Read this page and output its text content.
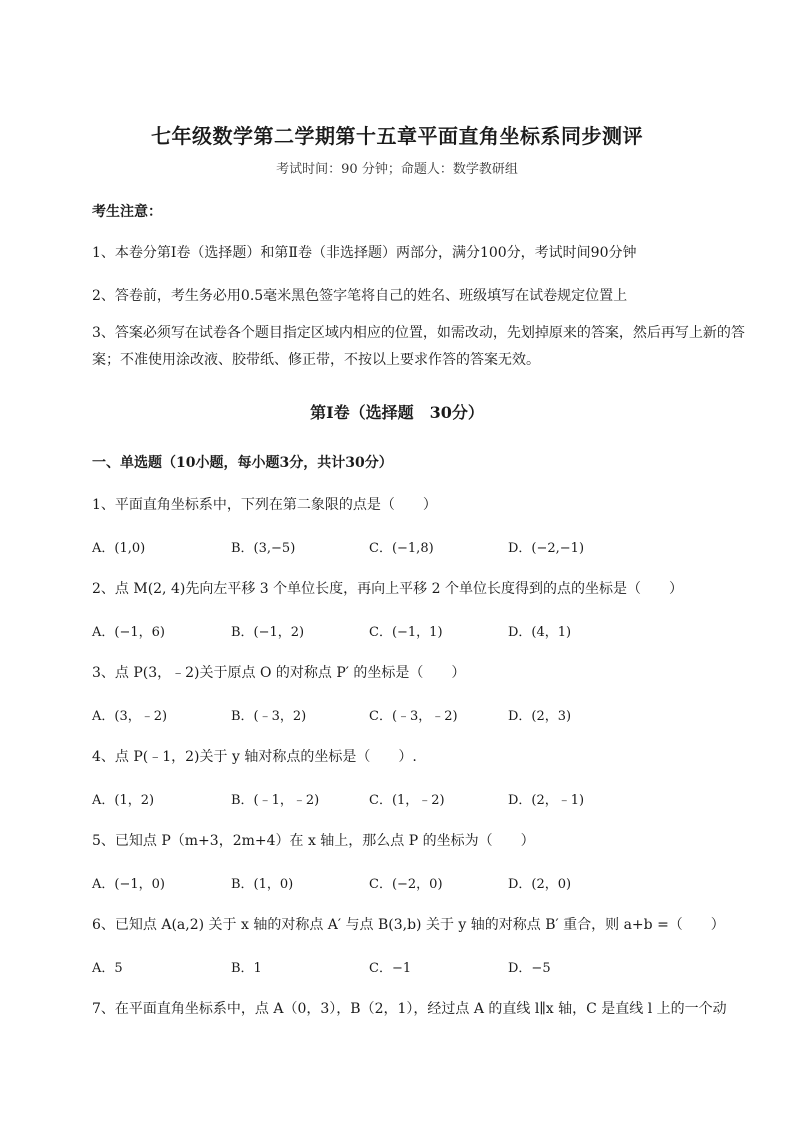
七年级数学第二学期第十五章平面直角坐标系同步测评
考试时间：90 分钟；命题人：数学教研组
考生注意：
1、本卷分第Ⅰ卷（选择题）和第Ⅱ卷（非选择题）两部分，满分100分，考试时间90分钟
2、答卷前，考生务必用0.5毫米黑色签字笔将自己的姓名、班级填写在试卷规定位置上
3、答案必须写在试卷各个题目指定区域内相应的位置，如需改动，先划掉原来的答案，然后再写上新的答案；不准使用涂改液、胶带纸、修正带，不按以上要求作答的答案无效。
第Ⅰ卷（选择题　30分）
一、单选题（10小题，每小题3分，共计30分）
1、平面直角坐标系中，下列在第二象限的点是（　　）
A．(1,0)	B．(3,−5)	C．(−1,8)	D．(−2,−1)
2、点 M(2, 4)先向左平移 3 个单位长度，再向上平移 2 个单位长度得到的点的坐标是（　　）
A．(−1，6)	B．(−1，2)	C．(−1，1)	D．(4，1)
3、点 P(3，﹣2)关于原点 O 的对称点 P′ 的坐标是（　　）
A．(3，﹣2)	B．(﹣3，2)	C．(﹣3，﹣2)	D．(2，3)
4、点 P(﹣1，2)关于 y 轴对称点的坐标是（　　）.
A．(1，2)	B．(﹣1，﹣2)	C．(1，﹣2)	D．(2，﹣1)
5、已知点 P（m+3，2m+4）在 x 轴上，那么点 P 的坐标为（　　）
A．(−1，0)	B．(1，0)	C．(−2，0)	D．(2，0)
6、已知点 A(a,2) 关于 x 轴的对称点 A′ 与点 B(3,b) 关于 y 轴的对称点 B′ 重合，则 a+b =（　　）
A．5	B．1	C．−1	D．−5
7、在平面直角坐标系中，点 A（0，3），B（2，1），经过点 A 的直线 l∥x 轴，C 是直线 l 上的一个动
